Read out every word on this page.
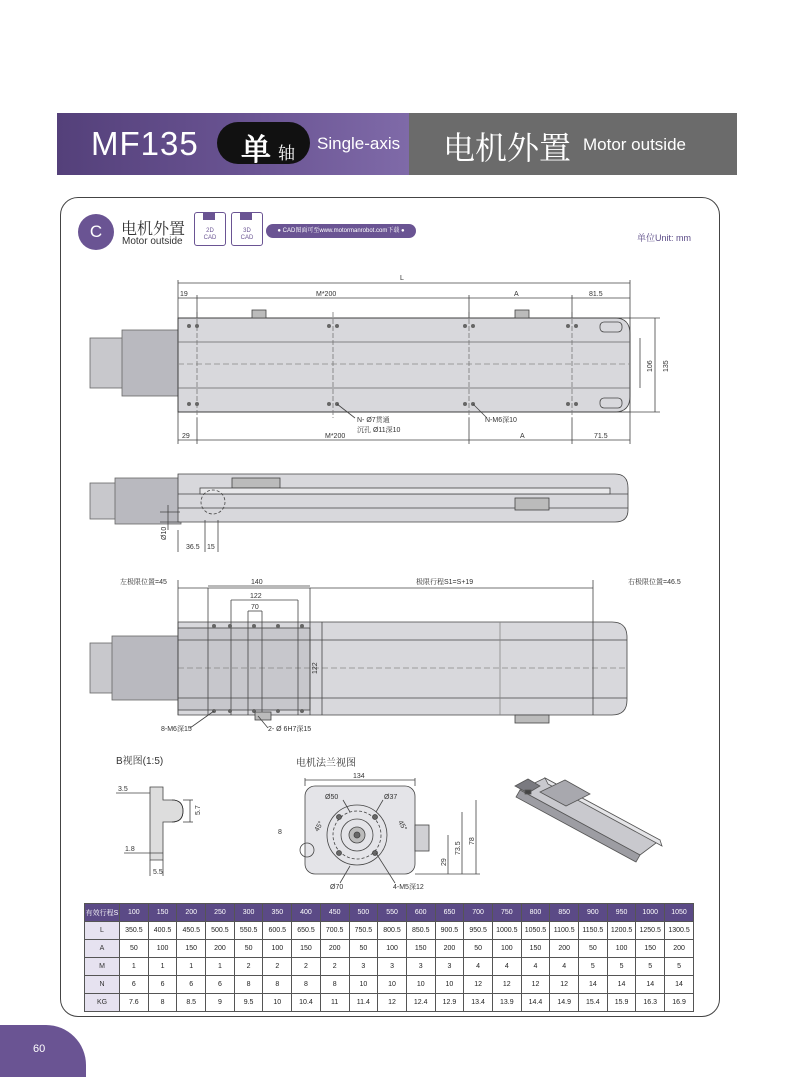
MF135 单 轴
Single-axis 电机外置 Motor outside
C	电机外置
Motor outside
2D
CAD
3D
CAD
● CAD图面可至www.motormanrobot.com下载 ●
单位Unit: mm
L
19	M*200	A	81.5
106 135
N- Ø7贯通
沉孔 Ø11深10
N-M6深10
29	M*200	A	71.5
Ø10
36.5 15
左极限位置=45	140
122
70
极限行程S1=S+19	右极限位置=46.5
122
8-M6深15	2- Ø 6H7深15
3.5
5.7
1.8
5.5
134
Ø50	Ø37
8	45°	45°
73.5
78
29
Ø70	4-M5深12
B视图(1:5)	电机法兰视图
有效行程S	100	150	200	250	300	350	400	450	500	550	600	650	700	750	800	850	900	950	1000	1050
L	350.5	400.5	450.5	500.5	550.5	600.5	650.5	700.5	750.5	800.5	850.5	900.5	950.5	1000.5	1050.5	1100.5	1150.5	1200.5	1250.5	1300.5
A	50	100	150	200	50	100	150	200	50	100	150	200	50	100	150	200	50	100	150	200
M	1	1	1	1	2	2	2	2	3	3	3	3	4	4	4	4	5	5	5	5
N	6	6	6	6	8	8	8	8	10	10	10	10	12	12	12	12	14	14	14	14
KG	7.6	8	8.5	9	9.5	10	10.4	11	11.4	12	12.4	12.9	13.4	13.9	14.4	14.9	15.4	15.9	16.3	16.9
60
